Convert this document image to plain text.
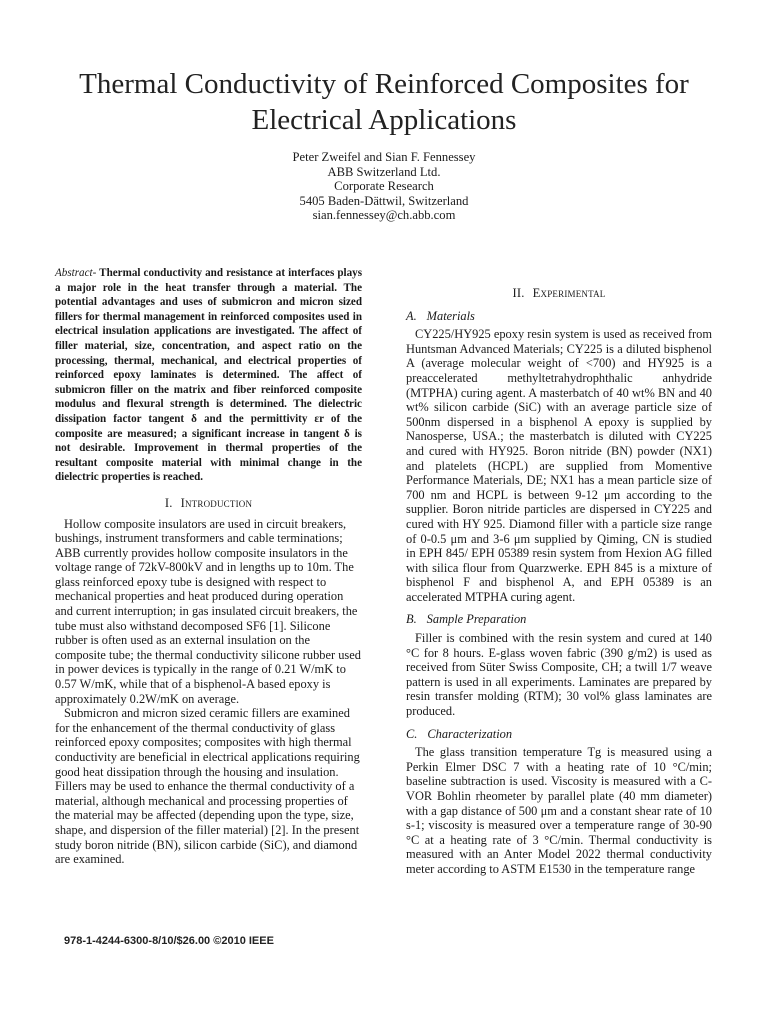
Thermal Conductivity of Reinforced Composites for
Electrical Applications
Peter Zweifel and Sian F. Fennessey
ABB Switzerland Ltd.
Corporate Research
5405 Baden-Dättwil, Switzerland
sian.fennessey@ch.abb.com

Abstract- Thermal conductivity and resistance at interfaces plays a major role in the heat transfer through a material. The potential advantages and uses of submicron and micron sized fillers for thermal management in reinforced composites used in electrical insulation applications are investigated. The affect of filler material, size, concentration, and aspect ratio on the processing, thermal, mechanical, and electrical properties of reinforced epoxy laminates is determined. The affect of submicron filler on the matrix and fiber reinforced composite modulus and flexural strength is determined. The dielectric dissipation factor tangent δ and the permittivity εr of the composite are measured; a significant increase in tangent δ is not desirable. Improvement in thermal properties of the resultant composite material with minimal change in the dielectric properties is reached.

I. Introduction

Hollow composite insulators are used in circuit breakers, bushings, instrument transformers and cable terminations; ABB currently provides hollow composite insulators in the voltage range of 72kV-800kV and in lengths up to 10m. The glass reinforced epoxy tube is designed with respect to mechanical properties and heat produced during operation and current interruption; in gas insulated circuit breakers, the tube must also withstand decomposed SF6 [1]. Silicone rubber is often used as an external insulation on the composite tube; the thermal conductivity silicone rubber used in power devices is typically in the range of 0.21 W/mK to 0.57 W/mK, while that of a bisphenol-A based epoxy is approximately 0.2W/mK on average.

Submicron and micron sized ceramic fillers are examined for the enhancement of the thermal conductivity of glass reinforced epoxy composites; composites with high thermal conductivity are beneficial in electrical applications requiring good heat dissipation through the housing and insulation. Fillers may be used to enhance the thermal conductivity of a material, although mechanical and processing properties of the material may be affected (depending upon the type, size, shape, and dispersion of the filler material) [2]. In the present study boron nitride (BN), silicon carbide (SiC), and diamond are examined.

II. Experimental
A. Materials

CY225/HY925 epoxy resin system is used as received from Huntsman Advanced Materials; CY225 is a diluted bisphenol A (average molecular weight of <700) and HY925 is a preaccelerated methyltetrahydrophthalic anhydride (MTPHA) curing agent. A masterbatch of 40 wt% BN and 40 wt% silicon carbide (SiC) with an average particle size of 500nm dispersed in a bisphenol A epoxy is supplied by Nanosperse, USA.; the masterbatch is diluted with CY225 and cured with HY925. Boron nitride (BN) powder (NX1) and platelets (HCPL) are supplied from Momentive Performance Materials, DE; NX1 has a mean particle size of 700 nm and HCPL is between 9-12 μm according to the supplier. Boron nitride particles are dispersed in CY225 and cured with HY 925. Diamond filler with a particle size range of 0-0.5 μm and 3-6 μm supplied by Qiming, CN is studied in EPH 845/ EPH 05389 resin system from Hexion AG filled with silica flour from Quarzwerke. EPH 845 is a mixture of bisphenol F and bisphenol A, and EPH 05389 is an accelerated MTPHA curing agent.

B. Sample Preparation

Filler is combined with the resin system and cured at 140 °C for 8 hours. E-glass woven fabric (390 g/m2) is used as received from Süter Swiss Composite, CH; a twill 1/7 weave pattern is used in all experiments. Laminates are prepared by resin transfer molding (RTM); 30 vol% glass laminates are produced.

C. Characterization

The glass transition temperature Tg is measured using a Perkin Elmer DSC 7 with a heating rate of 10 °C/min; baseline subtraction is used. Viscosity is measured with a C-VOR Bohlin rheometer by parallel plate (40 mm diameter) with a gap distance of 500 μm and a constant shear rate of 10 s-1; viscosity is measured over a temperature range of 30-90 °C at a heating rate of 3 °C/min. Thermal conductivity is measured with an Anter Model 2022 thermal conductivity meter according to ASTM E1530 in the temperature range

978-1-4244-6300-8/10/$26.00 ©2010 IEEE
